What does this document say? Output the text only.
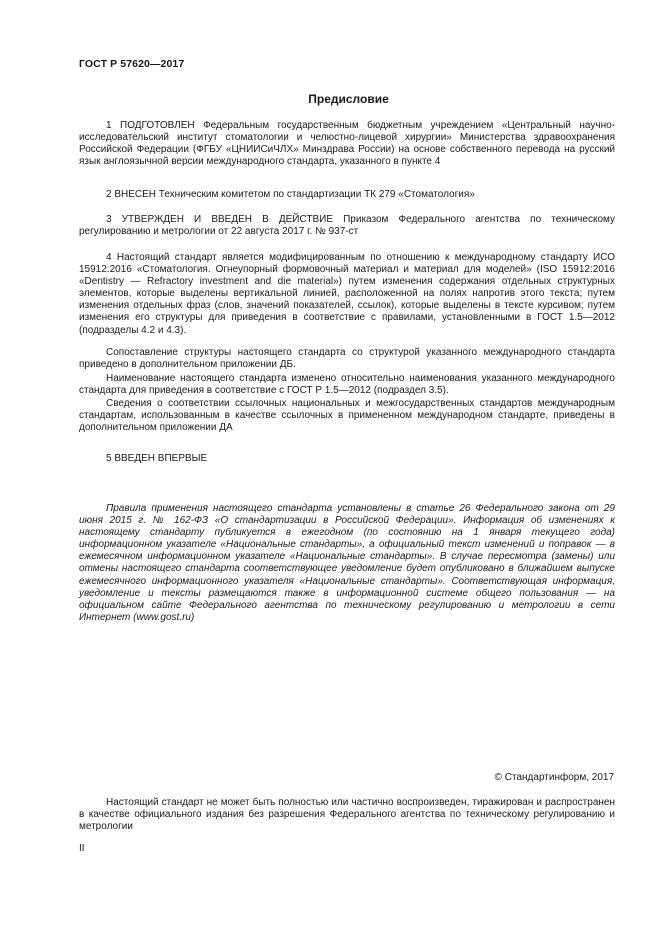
ГОСТ Р 57620—2017
Предисловие

1 ПОДГОТОВЛЕН Федеральным государственным бюджетным учреждением «Центральный научно-исследовательский институт стоматологии и челюстно-лицевой хирургии» Министерства здравоохранения Российской Федерации (ФГБУ «ЦНИИСиЧЛХ» Минздрава России) на основе собственного перевода на русский язык англоязычной версии международного стандарта, указанного в пункте 4

2 ВНЕСЕН Техническим комитетом по стандартизации ТК 279 «Стоматология»

3 УТВЕРЖДЕН И ВВЕДЕН В ДЕЙСТВИЕ Приказом Федерального агентства по техническому регулированию и метрологии от 22 августа 2017 г. № 937-ст

4 Настоящий стандарт является модифицированным по отношению к международному стандарту ИСО 15912:2016 «Стоматология. Огнеупорный формовочный материал и материал для моделей» (ISO 15912:2016 «Dentistry — Refractory investment and die material») путем изменения содержания отдельных структурных элементов, которые выделены вертикальной линией, расположенной на полях напротив этого текста; путем изменения отдельных фраз (слов, значений показателей, ссылок), которые выделены в тексте курсивом; путем изменения его структуры для приведения в соответствие с правилами, установленными в ГОСТ 1.5—2012 (подразделы 4.2 и 4.3).

Сопоставление структуры настоящего стандарта со структурой указанного международного стандарта приведено в дополнительном приложении ДБ.

Наименование настоящего стандарта изменено относительно наименования указанного международного стандарта для приведения в соответствие с ГОСТ Р 1.5—2012 (подраздел 3.5).

Сведения о соответствии ссылочных национальных и межгосударственных стандартов международным стандартам, использованным в качестве ссылочных в примененном международном стандарте, приведены в дополнительном приложении ДА

5 ВВЕДЕН ВПЕРВЫЕ

Правила применения настоящего стандарта установлены в статье 26 Федерального закона от 29 июня 2015 г. № 162-ФЗ «О стандартизации в Российской Федерации». Информация об изменениях к настоящему стандарту публикуется в ежегодном (по состоянию на 1 января текущего года) информационном указателе «Национальные стандарты», а официальный текст изменений и поправок — в ежемесячном информационном указателе «Национальные стандарты». В случае пересмотра (замены) или отмены настоящего стандарта соответствующее уведомление будет опубликовано в ближайшем выпуске ежемесячного информационного указателя «Национальные стандарты». Соответствующая информация, уведомление и тексты размещаются также в информационной системе общего пользования — на официальном сайте Федерального агентства по техническому регулированию и метрологии в сети Интернет (www.gost.ru)

© Стандартинформ, 2017

Настоящий стандарт не может быть полностью или частично воспроизведен, тиражирован и распространен в качестве официального издания без разрешения Федерального агентства по техническому регулированию и метрологии

II
